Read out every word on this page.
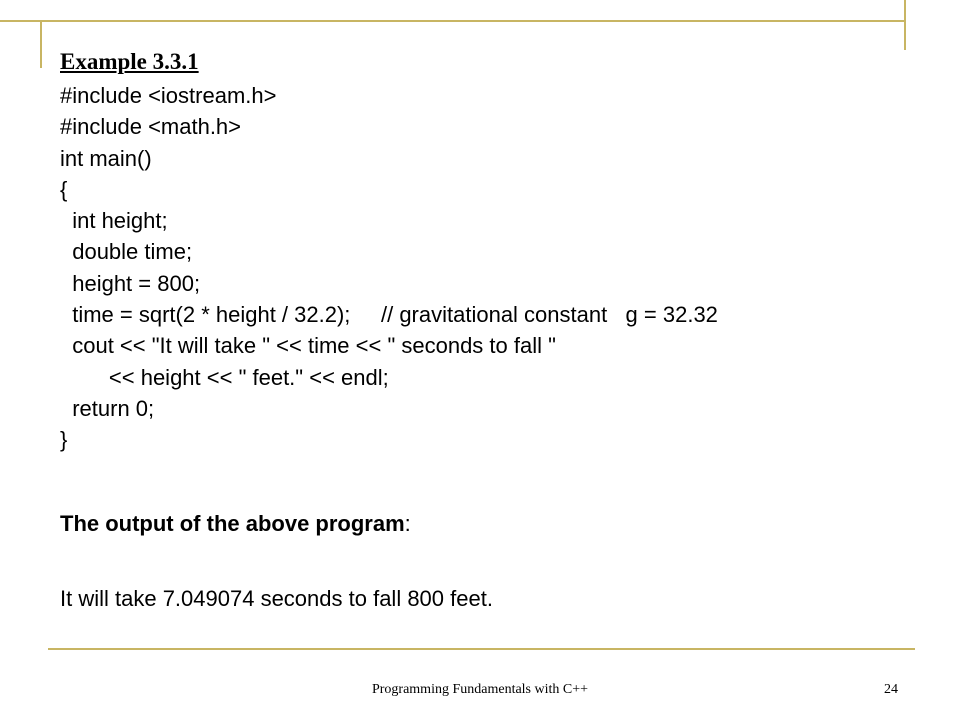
Example 3.3.1
#include <iostream.h>
#include <math.h>
int main()
{
int height;
double time;
height = 800;
time = sqrt(2 * height / 32.2);     // gravitational constant   g = 32.32
cout << "It will take " << time << " seconds to fall "
<< height << " feet." << endl;
return 0;
}
The output of the above program:
It will take 7.049074 seconds to fall 800 feet.
Programming Fundamentals with C++	24
